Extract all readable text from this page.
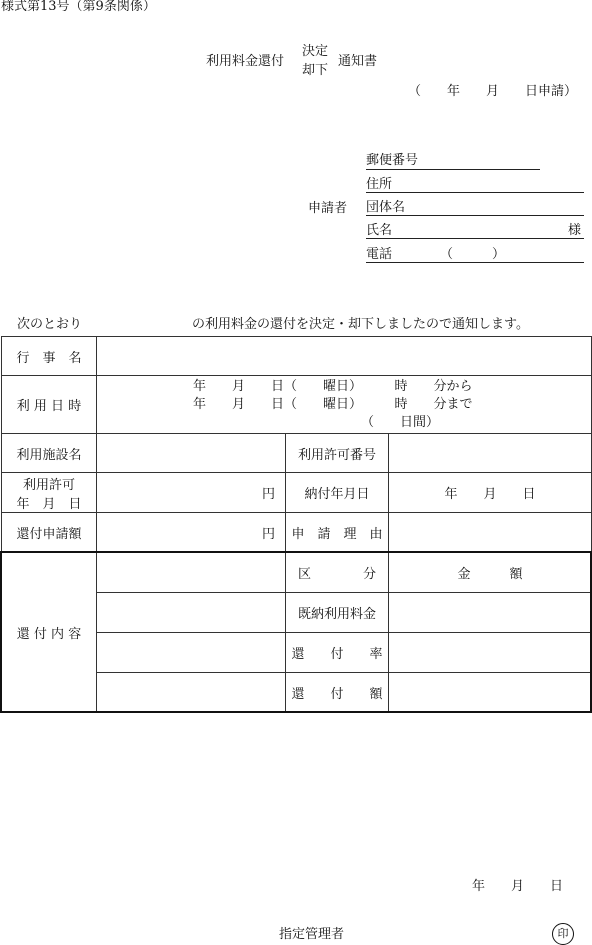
様式第13号（第9条関係）
利用料金還付
決定
却下
通知書
（　　年　　月　　日申請）
申請者
郵便番号
住所
団体名
氏名	様
電話	（　　　）
次のとおり	の利用料金の還付を決定・却下しましたので通知します。
行　事　名			
利 用 日 時	年　　月　　日（　　曜日）　　　時　　分から
年　　月　　日（　　曜日）　　　時　　分まで
（　　日間）		

利用施設名		利用許可番号	

利用許可
年　月　日	円	納付年月日	年　　月　　日
還付申請額	円	申　請　理　由	
還 付 内 容		区　　　　分	金　　　額
		既納利用料金	
		還　　付　　率	
		還　　付　　額	
年　　月　　日
指定管理者	印
